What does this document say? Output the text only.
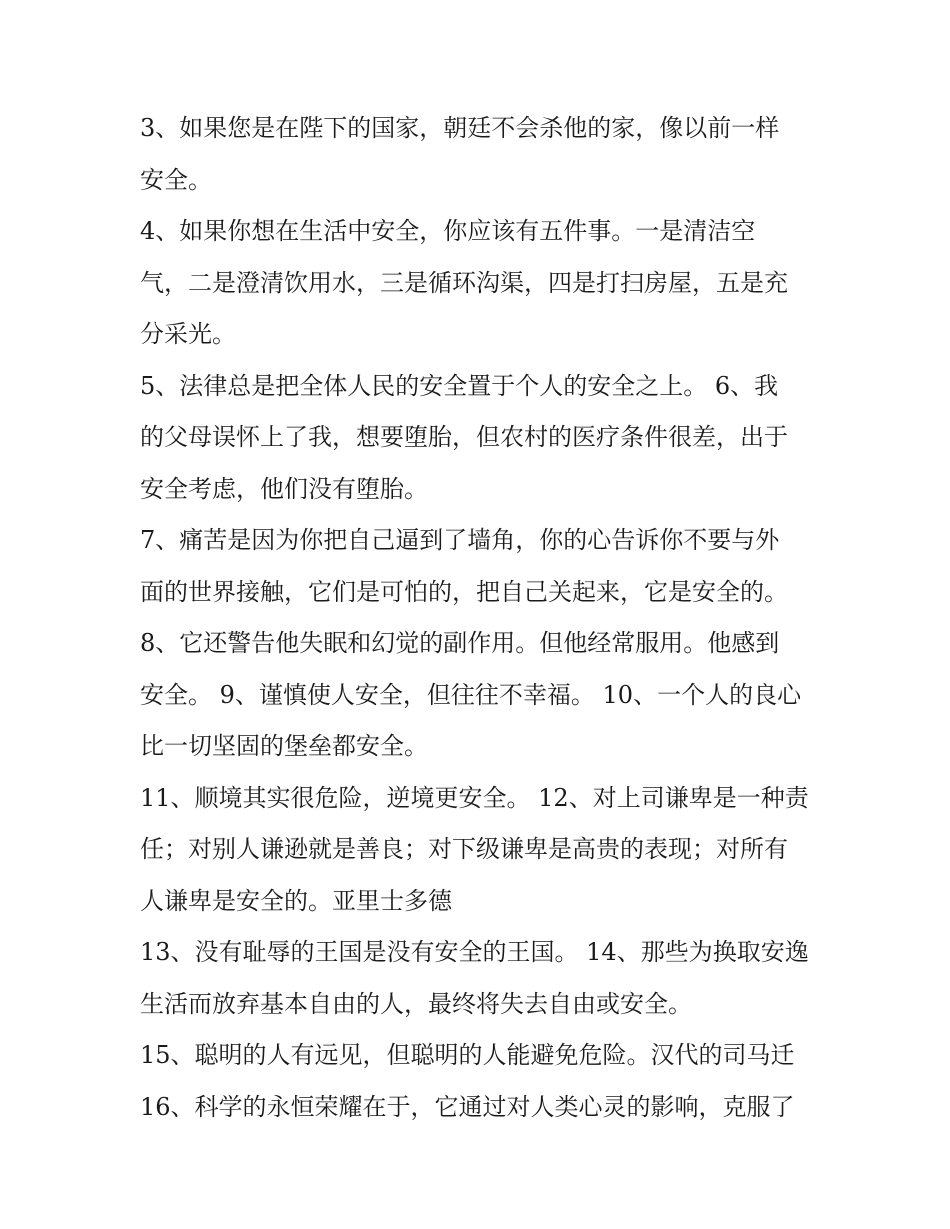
3、如果您是在陛下的国家，朝廷不会杀他的家，像以前一样
安全。
4、如果你想在生活中安全，你应该有五件事。一是清洁空
气，二是澄清饮用水，三是循环沟渠，四是打扫房屋，五是充
分采光。
5、法律总是把全体人民的安全置于个人的安全之上。 6、我
的父母误怀上了我，想要堕胎，但农村的医疗条件很差，出于
安全考虑，他们没有堕胎。
7、痛苦是因为你把自己逼到了墙角，你的心告诉你不要与外
面的世界接触，它们是可怕的，把自己关起来，它是安全的。
8、它还警告他失眠和幻觉的副作用。但他经常服用。他感到
安全。 9、谨慎使人安全，但往往不幸福。 10、一个人的良心
比一切坚固的堡垒都安全。
11、顺境其实很危险，逆境更安全。 12、对上司谦卑是一种责
任；对别人谦逊就是善良；对下级谦卑是高贵的表现；对所有
人谦卑是安全的。亚里士多德
13、没有耻辱的王国是没有安全的王国。 14、那些为换取安逸
生活而放弃基本自由的人，最终将失去自由或安全。
15、聪明的人有远见，但聪明的人能避免危险。汉代的司马迁
16、科学的永恒荣耀在于，它通过对人类心灵的影响，克服了
